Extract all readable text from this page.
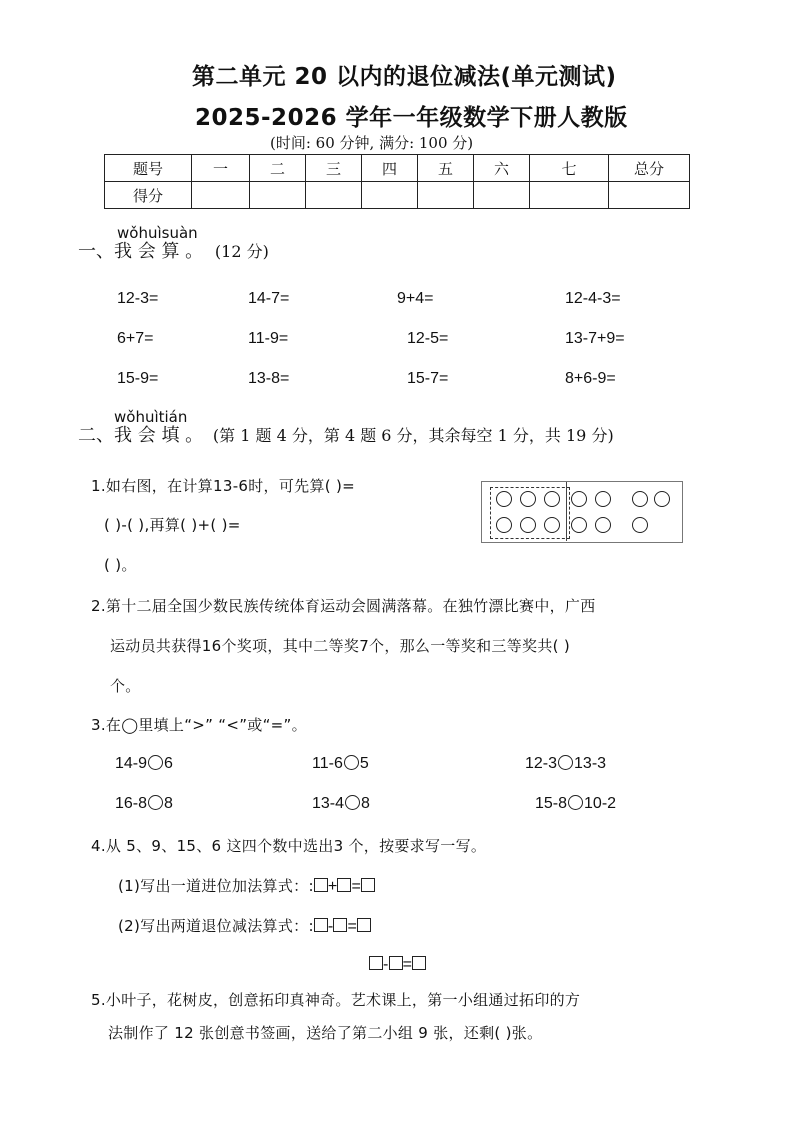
第二单元 20 以内的退位减法(单元测试)
2025-2026 学年一年级数学下册人教版
(时间: 60 分钟, 满分: 100 分)
题号	一	二	三	四	五	六	七	总分
得分								
wǒhuìsuàn
一、我 会 算 。 (12 分)
12-3=	14-7=	9+4=	12-4-3=
6+7=	11-9=	12-5=	13-7+9=
15-9=	13-8=	15-7=	8+6-9=
wǒhuìtián
二、我 会 填 。 (第 1 题 4 分，第 4 题 6 分，其余每空 1 分，共 19 分)
1.如右图，在计算13-6时，可先算( )=
( )-( ),再算( )+( )=
( )。
2.第十二届全国少数民族传统体育运动会圆满落幕。在独竹漂比赛中，广西
运动员共获得16个奖项，其中二等奖7个，那么一等奖和三等奖共( )
个。
3.在◯里填上“>” “<”或“=”。
14-9 6	11-6 5	12-3 13-3
16-8 8	13-4 8	15-8 10-2
4.从 5、9、15、6 这四个数中选出3 个，按要求写一写。
(1)写出一道进位加法算式：: + =
(2)写出两道退位减法算式：: - =
- =
5.小叶子，花树皮，创意拓印真神奇。艺术课上，第一小组通过拓印的方
法制作了 12 张创意书签画，送给了第二小组 9 张，还剩( )张。
